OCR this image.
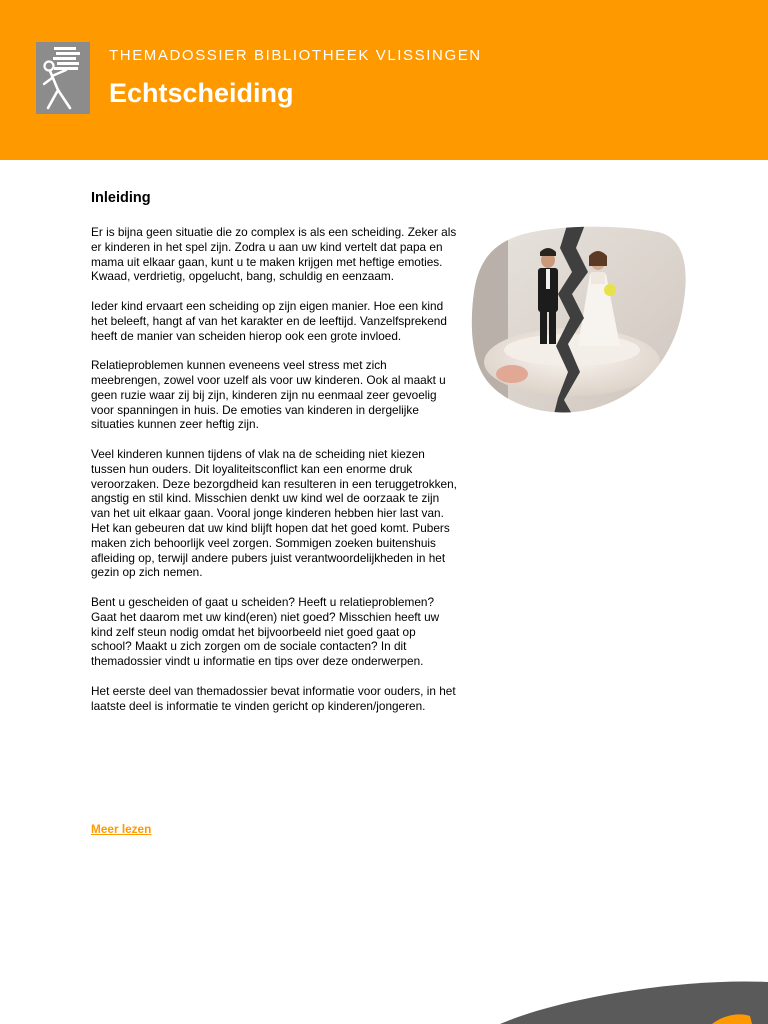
THEMADOSSIER BIBLIOTHEEK VLISSINGEN
Echtscheiding
Inleiding

Er is bijna geen situatie die zo complex is als een scheiding. Zeker als er kinderen in het spel zijn. Zodra u aan uw kind vertelt dat papa en mama uit elkaar gaan, kunt u te maken krijgen met heftige emoties. Kwaad, verdrietig, opgelucht, bang, schuldig en eenzaam.

Ieder kind ervaart een scheiding op zijn eigen manier. Hoe een kind het beleeft, hangt af van het karakter en de leeftijd. Vanzelfsprekend heeft de manier van scheiden hierop ook een grote invloed.

Relatieproblemen kunnen eveneens veel stress met zich meebrengen, zowel voor uzelf als voor uw kinderen. Ook al maakt u geen ruzie waar zij bij zijn, kinderen zijn nu eenmaal zeer gevoelig voor spanningen in huis. De emoties van kinderen in dergelijke situaties kunnen zeer heftig zijn.

Veel kinderen kunnen tijdens of vlak na de scheiding niet kiezen tussen hun ouders. Dit loyaliteitsconflict kan een enorme druk veroorzaken. Deze bezorgdheid kan resulteren in een teruggetrokken, angstig en stil kind. Misschien denkt uw kind wel de oorzaak te zijn van het uit elkaar gaan. Vooral jonge kinderen hebben hier last van. Het kan gebeuren dat uw kind blijft hopen dat het goed komt. Pubers maken zich behoorlijk veel zorgen. Sommigen zoeken buitenshuis afleiding op, terwijl andere pubers juist verantwoordelijkheden in het gezin op zich nemen.

Bent u gescheiden of gaat u scheiden? Heeft u relatieproblemen? Gaat het daarom met uw kind(eren) niet goed? Misschien heeft uw kind zelf steun nodig omdat het bijvoorbeeld niet goed gaat op school? Maakt u zich zorgen om de sociale contacten? In dit themadossier vindt u informatie en tips over deze onderwerpen.

Het eerste deel van themadossier bevat informatie voor ouders, in het laatste deel is informatie te vinden gericht op kinderen/jongeren.

Meer lezen
